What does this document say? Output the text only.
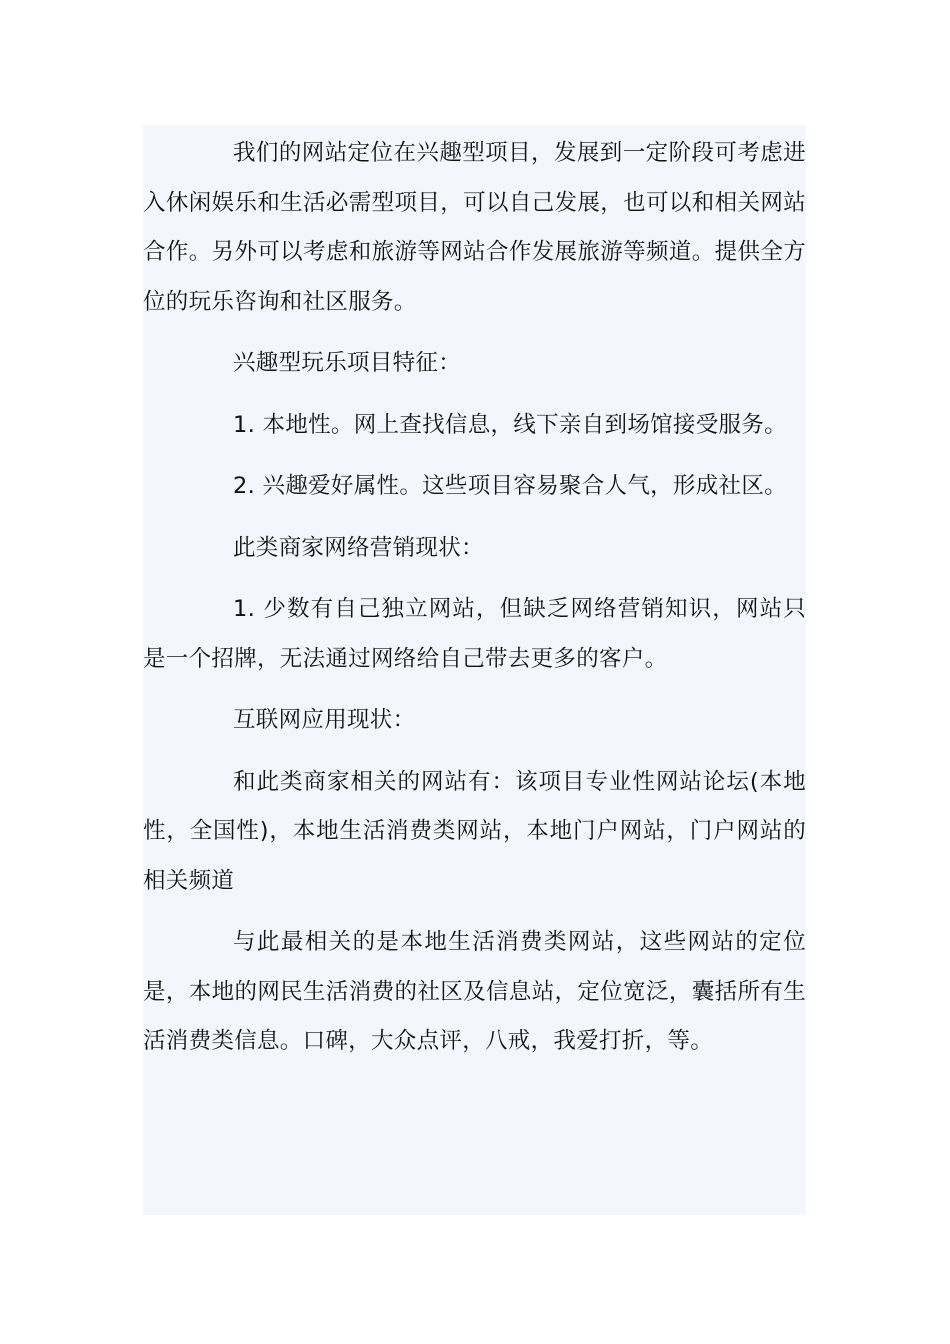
我们的网站定位在兴趣型项目，发展到一定阶段可考虑进入休闲娱乐和生活必需型项目，可以自己发展，也可以和相关网站合作。另外可以考虑和旅游等网站合作发展旅游等频道。提供全方位的玩乐咨询和社区服务。

兴趣型玩乐项目特征：

1. 本地性。网上查找信息，线下亲自到场馆接受服务。

2. 兴趣爱好属性。这些项目容易聚合人气，形成社区。

此类商家网络营销现状：

1. 少数有自己独立网站，但缺乏网络营销知识，网站只是一个招牌，无法通过网络给自己带去更多的客户。

互联网应用现状：

和此类商家相关的网站有：该项目专业性网站论坛(本地性，全国性)，本地生活消费类网站，本地门户网站，门户网站的相关频道

与此最相关的是本地生活消费类网站，这些网站的定位是，本地的网民生活消费的社区及信息站，定位宽泛，囊括所有生活消费类信息。口碑，大众点评，八戒，我爱打折，等。
